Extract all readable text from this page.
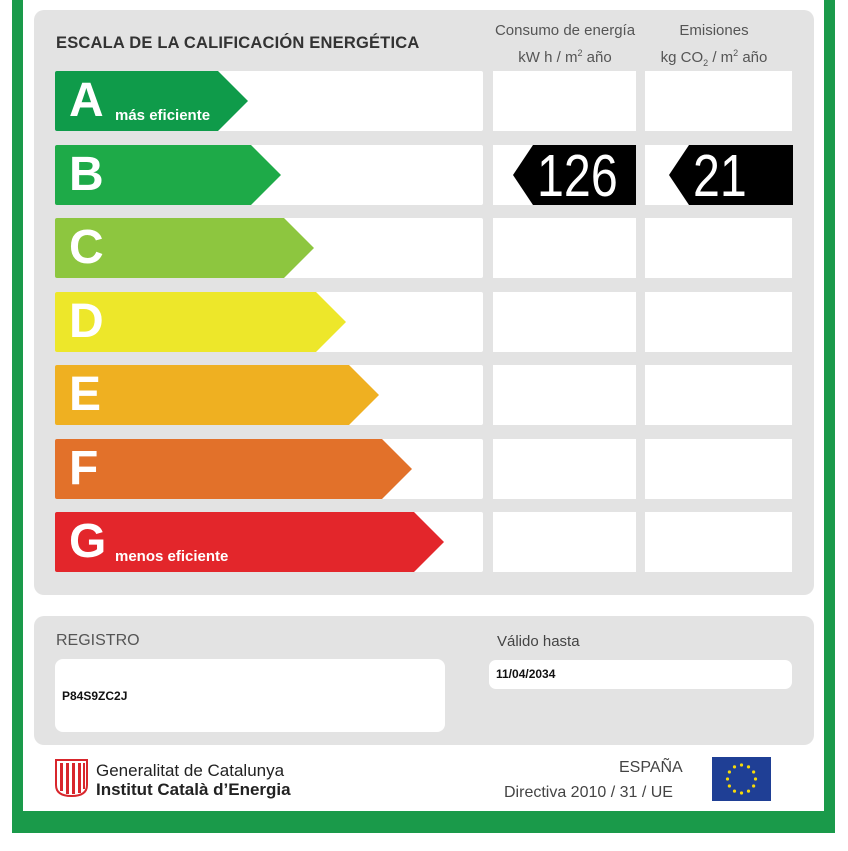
ESCALA DE LA CALIFICACIÓN ENERGÉTICA
Consumo de energía
kW h / $m^2$ año
Emisiones
kg $CO_2 / m^2$ año
A más eficiente
B	126 21
C
D
E
F
G menos eficiente
REGISTRO
P84S9ZC2J
Válido hasta
11/04/2034
Generalitat de Catalunya
Institut Català d’Energia
ESPAÑA
Directiva 2010 / 31 / UE
